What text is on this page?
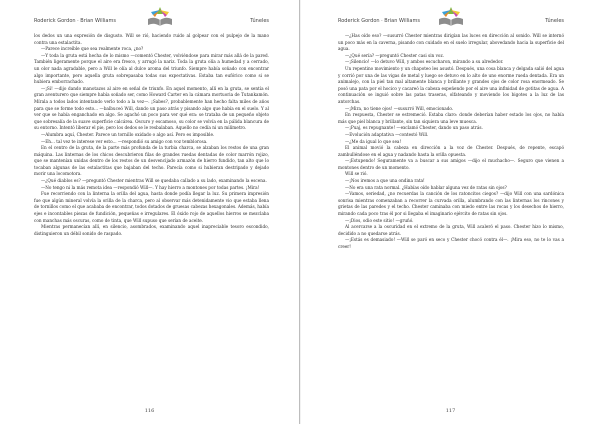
Roderick Gordon · Brian Williams	Túneles

los dedos un una expresión de disgusto. Will se rió, haciendo ruido al golpear con el pulpejo de la mano contra una estalactita.

—Parece increíble que sea realmente roca, ¿no?

—Y toda la gruta está hecha de lo mismo —comentó Chester, volviéndose para mirar más allá de la pared. También ligeramente porque el aire era fresco, y arrugó la nariz. Toda la gruta olía a humedad y a cerrado, un olor nada agradable, pero a Will le olía al dulce aroma del triunfo. Siempre había soñado con encontrar algo importante, pero aquella gruta sobrepasaba todas sus expectativas. Estaba tan eufórico como si se hubiera emborrachado.

—¡Sí! —dijo dando manotazos al aire en señal de triunfo. En aquel momento, allí en la gruta, se sentía el gran aventurero que siempre había soñado ser, como Howard Carter en la cámara mortuoria de Tutankamón. Mírala a todos lados intentando verlo todo a la vez—. ¡Sabes?, probablemente han hecho falta miles de años para que se forme todo esto... —balbuceó Will, dando un paso atrás y pisando algo que había en el suelo. Y al ver que se había enganchado en algo. Se agachó un poco para ver qué era: se trataba de un pequeño objeto que sobresalía de la suave superficie calcárea. Oscuro y escamoso, su color se volvía en la pálida blancura de su entorno. Intentó liberar el pie, pero los dedos se le resbalaban. Aquello no cedía ni un milímetro.

—Alumbra aquí, Chester. Parece un tornillo oxidado o algo así. Pero es imposible.

—Eh... tal vez te interese ver esto... —respondió su amigo con voz temblorosa.

En el centro de la gruta, de la parte más profunda de la turbia charca, se alzaban los restos de una gran máquina. Las linternas de los chicos descubrieron filas de grandes ruedas dentadas de color marrón rojizo, que se mantenían unidas dentro de los restos de un desvencijado armazón de hierro fundido, tan alto que lo tocaban algunas de las estalactitas que bajaban del techo. Parecía como si hubieran destripado y dejado morir una locomotora.

—¿Qué diablos es? —preguntó Chester mientras Will se quedaba callado a su lado, examinando la escena.

—No tengo ni la más remota idea —respondió Will—. Y hay hierro a montones por todas partes. ¡Mira!

Fue recorriendo con la linterna la orilla del agua, hasta donde podía llegar la luz. Su primera impresión fue que algún mineral volvía la orilla de la charca, pero al observar más detenidamente vio que estaba llena de tornillos como el que acababa de encontrar, todos dotados de gruesas cabezas hexagonales. Además, había ejes e incontables piezas de fundición, pequeñas e irregulares. El óxido rojo de aquellos hierros se mezclaba con manchas más oscuras, como de tinta, que Will supuso que serían de aceite.

Mientras permanecían allí, en silencio, asombrados, examinando aquel inapreciable tesoro escondido, distinguieron un débil sonido de raspado.

116
Roderick Gordon · Brian Williams	Túneles

—¿Has oído eso? —susurró Chester mientras dirigían las luces en dirección al sonido. Will se internó un poco más en la caverna, pisando con cuidado en el suelo irregular, abovedando hacia la superficie del agua.

—¿Qué sería? —preguntó Chester casi sin voz.

—¡Silencio! —lo detuvo Will, y ambos escucharon, mirando a su alrededor.

Un repentino movimiento y un chapoteo les asustó. Después, una cosa blanca y delgada salió del agua y corrió por una de las vigas de metal y luego se detuvo en lo alto de uno enorme rueda dentada. Era un animalejo, con la piel tan mal altamente blanca y brillante y grandes ojos de color rosa enormeado. Se posó una pata por el hocico y cacareó la cabeza espeñendo por el aire una infinidad de gotitas de agua. A continuación se inguió sobre las patas traseras, olfateando y moviendo los bigotes a la luz de las antorchas.

—¡Mira, no tiene ojos! —susurró Will, emocionado.

En respuesta, Chester se estremeció. Estaba claro: donde deberían haber estado los ojos, no había más que piel blanca y brillante, sin tan siquiera una leve muesca.

—¡Puaj, es repugnante! —exclamó Chester, dando un paso atrás.

—Evolución adaptativa —contestó Will.

—¿Me da igual lo que sea!

El animal movió la cabeza en dirección a la voz de Chester. Después, de repente, escapó zambulléndose en el agua y nadando hasta la orilla opuesta.

—¡Estupendo! Seguramente va a buscar a sus amigos —dijo el muchacho—. Seguro que vienen a montones dentro de un momento.

Will se rió.

—¡Nos iremos a que una ondina rata!

—No era una rata normal. ¿Habías oído hablar alguna vez de ratas sin ojos?

—Vamos, seriedad, ¿no recuerdas la canción de los ratoncitos ciegos? —dijo Will con una sardónica sonrisa mientras comenzaban a recorrer la curvada orilla, alumbrando con las linternas los rincones y grietas de las paredes y el techo. Chester caminaba con miedo entre las rocas y los desechos de hierro, mirando cada poco tras él por si llegaba el imaginario ejército de ratas sin ojos.

—¡Dios, odio este sitio! —gruñó.

Al acercarse a la oscuridad en el extremo de la gruta, Will acaleró el paso. Chester hizo lo mismo, decidido a no quedarse atrás.

—¡Estás es demasiado! —Will se paró en seco y Chester chocó contra él—. ¡Mira eso, no te lo vas a creer!

117
